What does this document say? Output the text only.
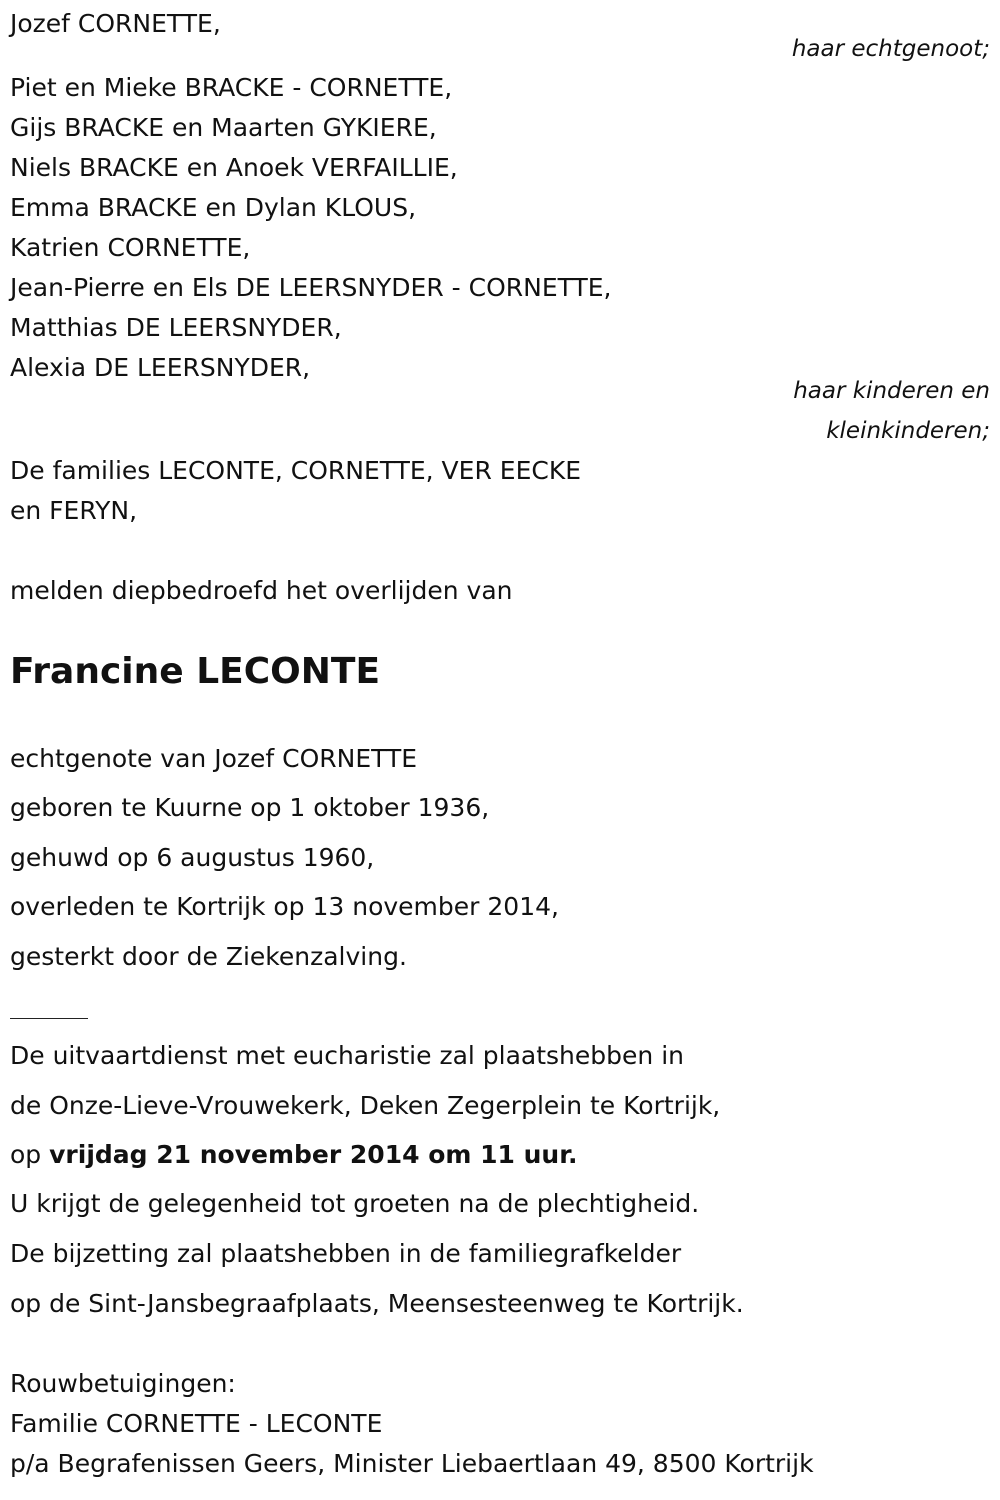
Jozef CORNETTE,
haar echtgenoot;
Piet en Mieke BRACKE - CORNETTE,
Gijs BRACKE en Maarten GYKIERE,
Niels BRACKE en Anoek VERFAILLIE,
Emma BRACKE en Dylan KLOUS,
Katrien CORNETTE,
Jean-Pierre en Els DE LEERSNYDER - CORNETTE,
Matthias DE LEERSNYDER,
Alexia DE LEERSNYDER,
haar kinderen en
kleinkinderen;
De families LECONTE, CORNETTE, VER EECKE
en FERYN,
melden diepbedroefd het overlijden van
Francine LECONTE
echtgenote van Jozef CORNETTE
geboren te Kuurne op 1 oktober 1936,
gehuwd op 6 augustus 1960,
overleden te Kortrijk op 13 november 2014,
gesterkt door de Ziekenzalving.
De uitvaartdienst met eucharistie zal plaatshebben in
de Onze-Lieve-Vrouwekerk, Deken Zegerplein te Kortrijk,
op vrijdag 21 november 2014 om 11 uur.
U krijgt de gelegenheid tot groeten na de plechtigheid.
De bijzetting zal plaatshebben in de familiegrafkelder
op de Sint-Jansbegraafplaats, Meensesteenweg te Kortrijk.
Rouwbetuigingen:
Familie CORNETTE - LECONTE
p/a Begrafenissen Geers, Minister Liebaertlaan 49, 8500 Kortrijk
